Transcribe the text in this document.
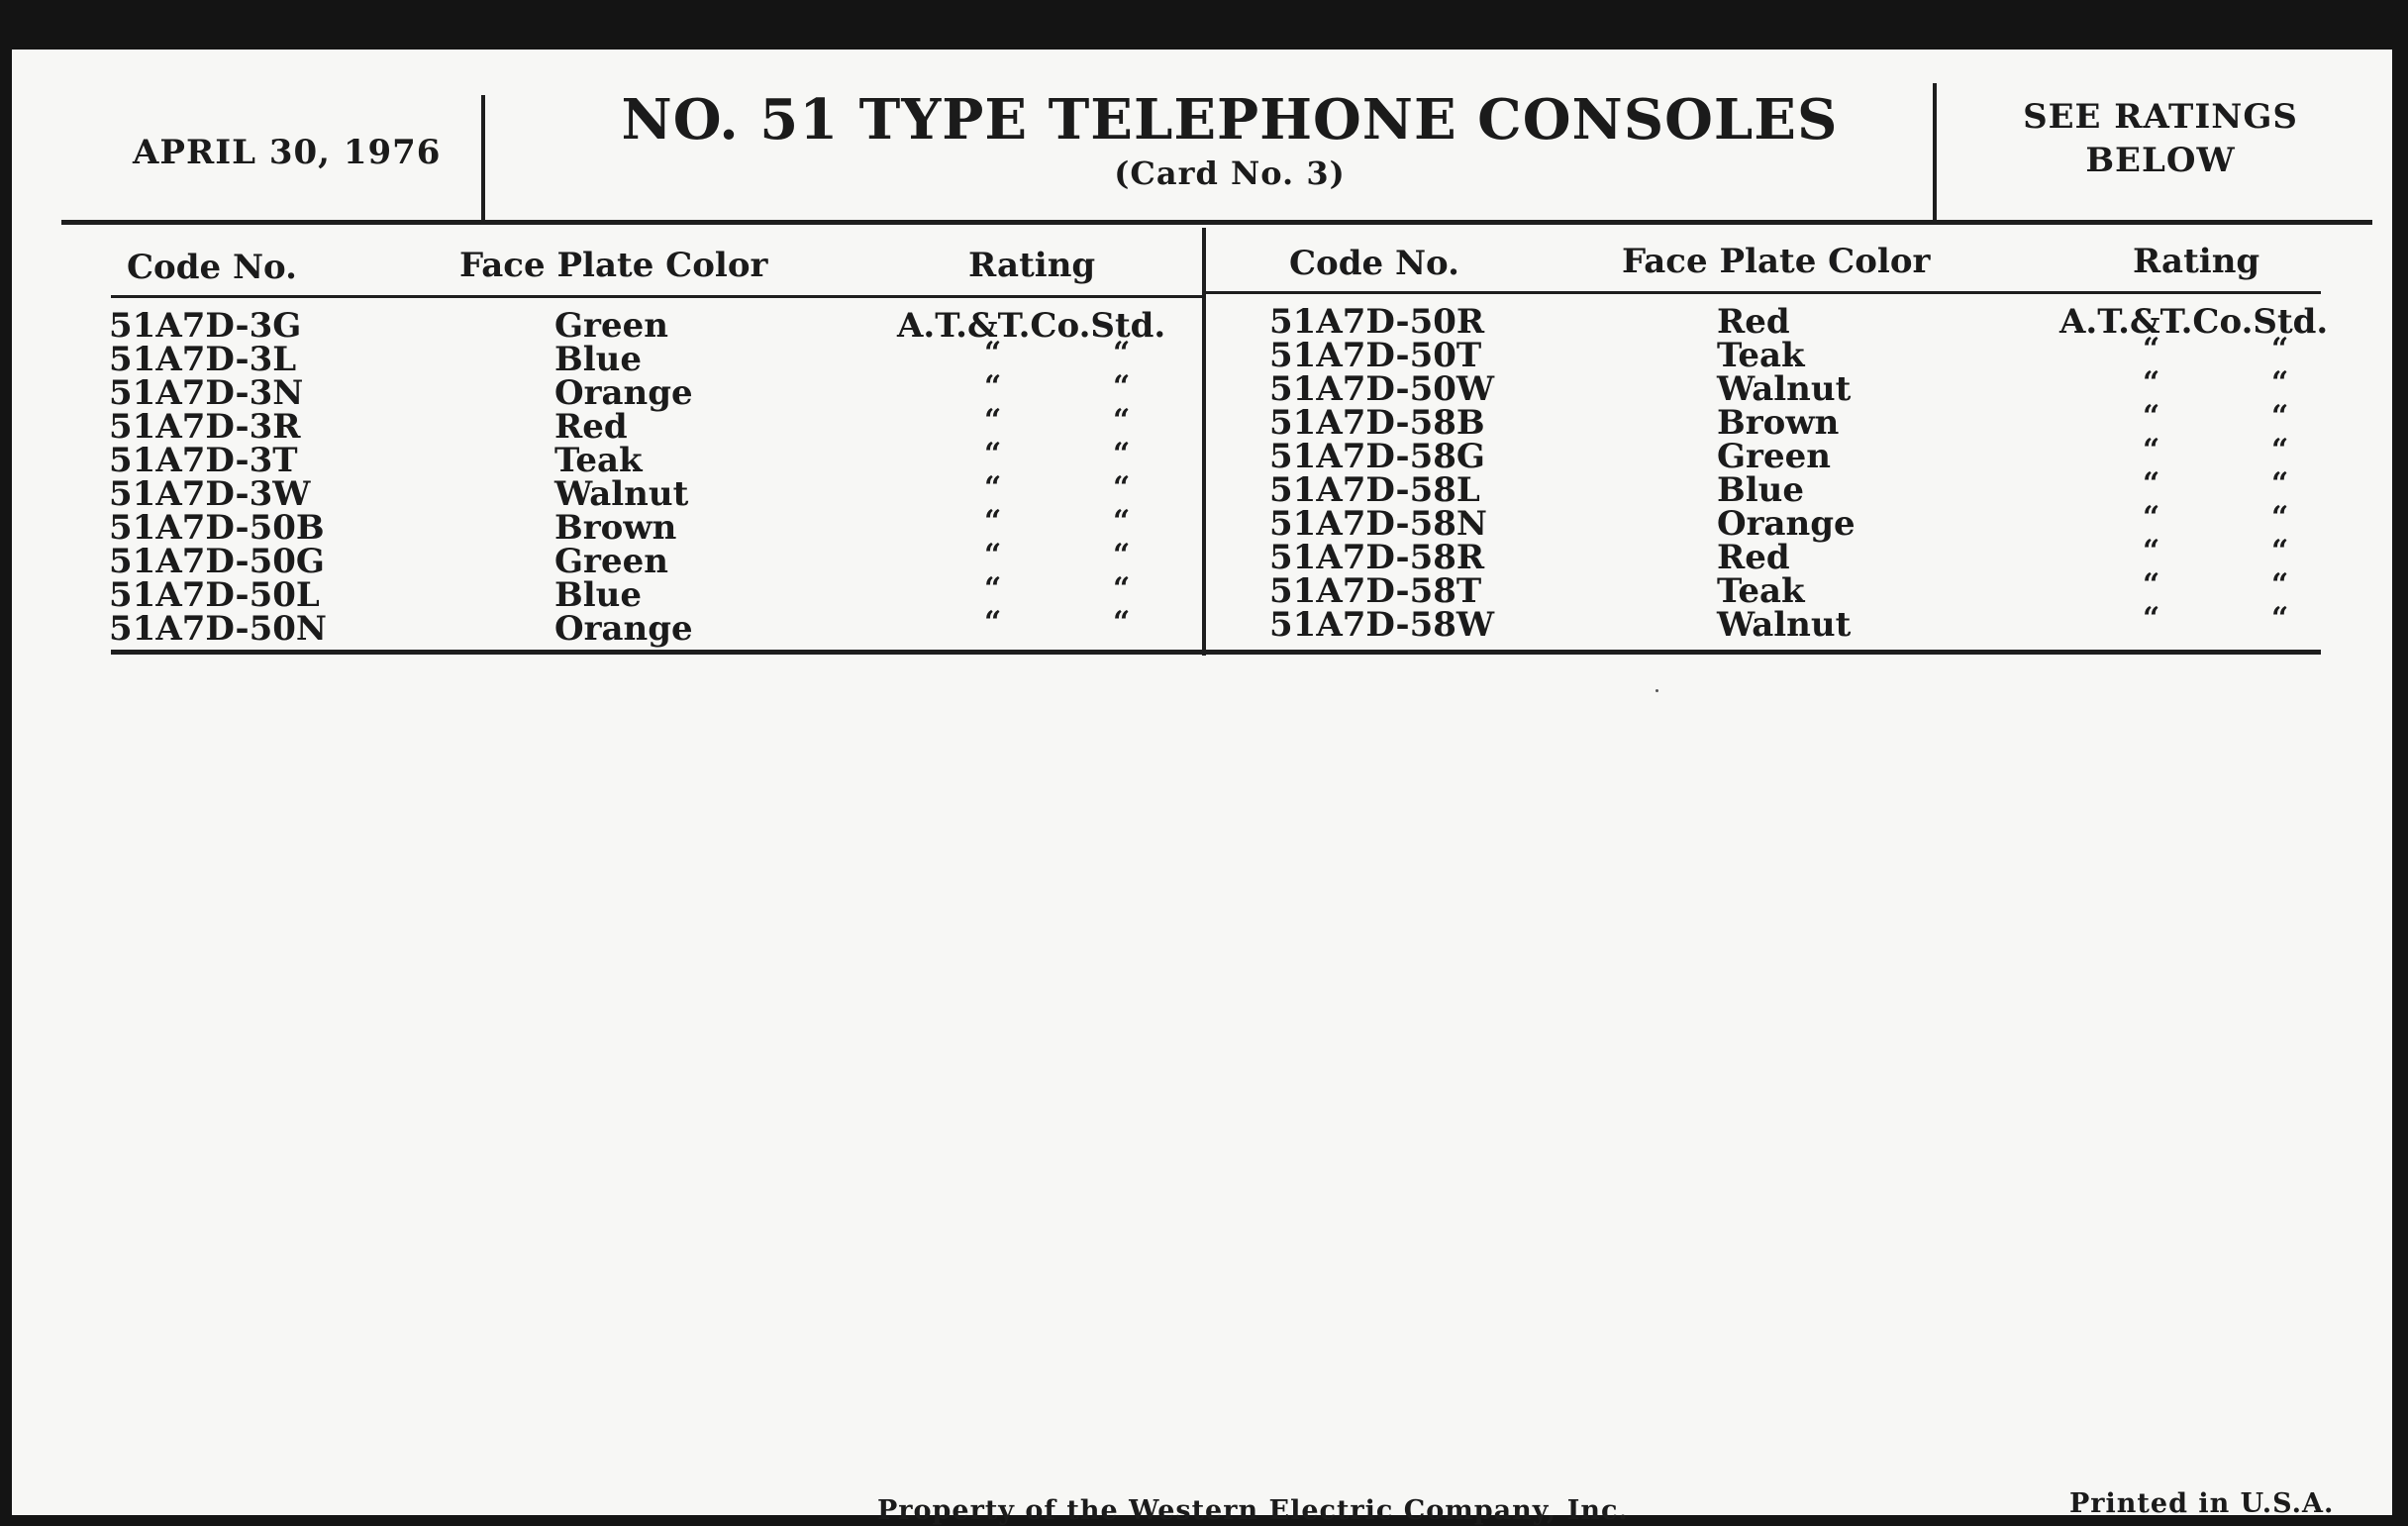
APRIL 30, 1976	NO. 51 TYPE TELEPHONE CONSOLES
(Card No. 3)
SEE RATINGS
BELOW
Code No.	Face Plate Color	Rating
51A7D-3G	Green	A.T.&T.Co.Std.
51A7D-3L	Blue	“	“
51A7D-3N	Orange	“	“
51A7D-3R	Red	“	“
51A7D-3T	Teak	“	“
51A7D-3W	Walnut	“	“
51A7D-50B	Brown	“	“
51A7D-50G	Green	“	“
51A7D-50L	Blue	“	“
51A7D-50N	Orange	“	“
Code No.	Face Plate Color	Rating
51A7D-50R	Red	A.T.&T.Co.Std.
51A7D-50T	Teak	“	“
51A7D-50W	Walnut	“	“
51A7D-58B	Brown	“	“
51A7D-58G	Green	“	“
51A7D-58L	Blue	“	“
51A7D-58N	Orange	“	“
51A7D-58R	Red	“	“
51A7D-58T	Teak	“	“
51A7D-58W	Walnut	“	“
Property of the Western Electric Company, Inc.	Printed in U.S.A.
